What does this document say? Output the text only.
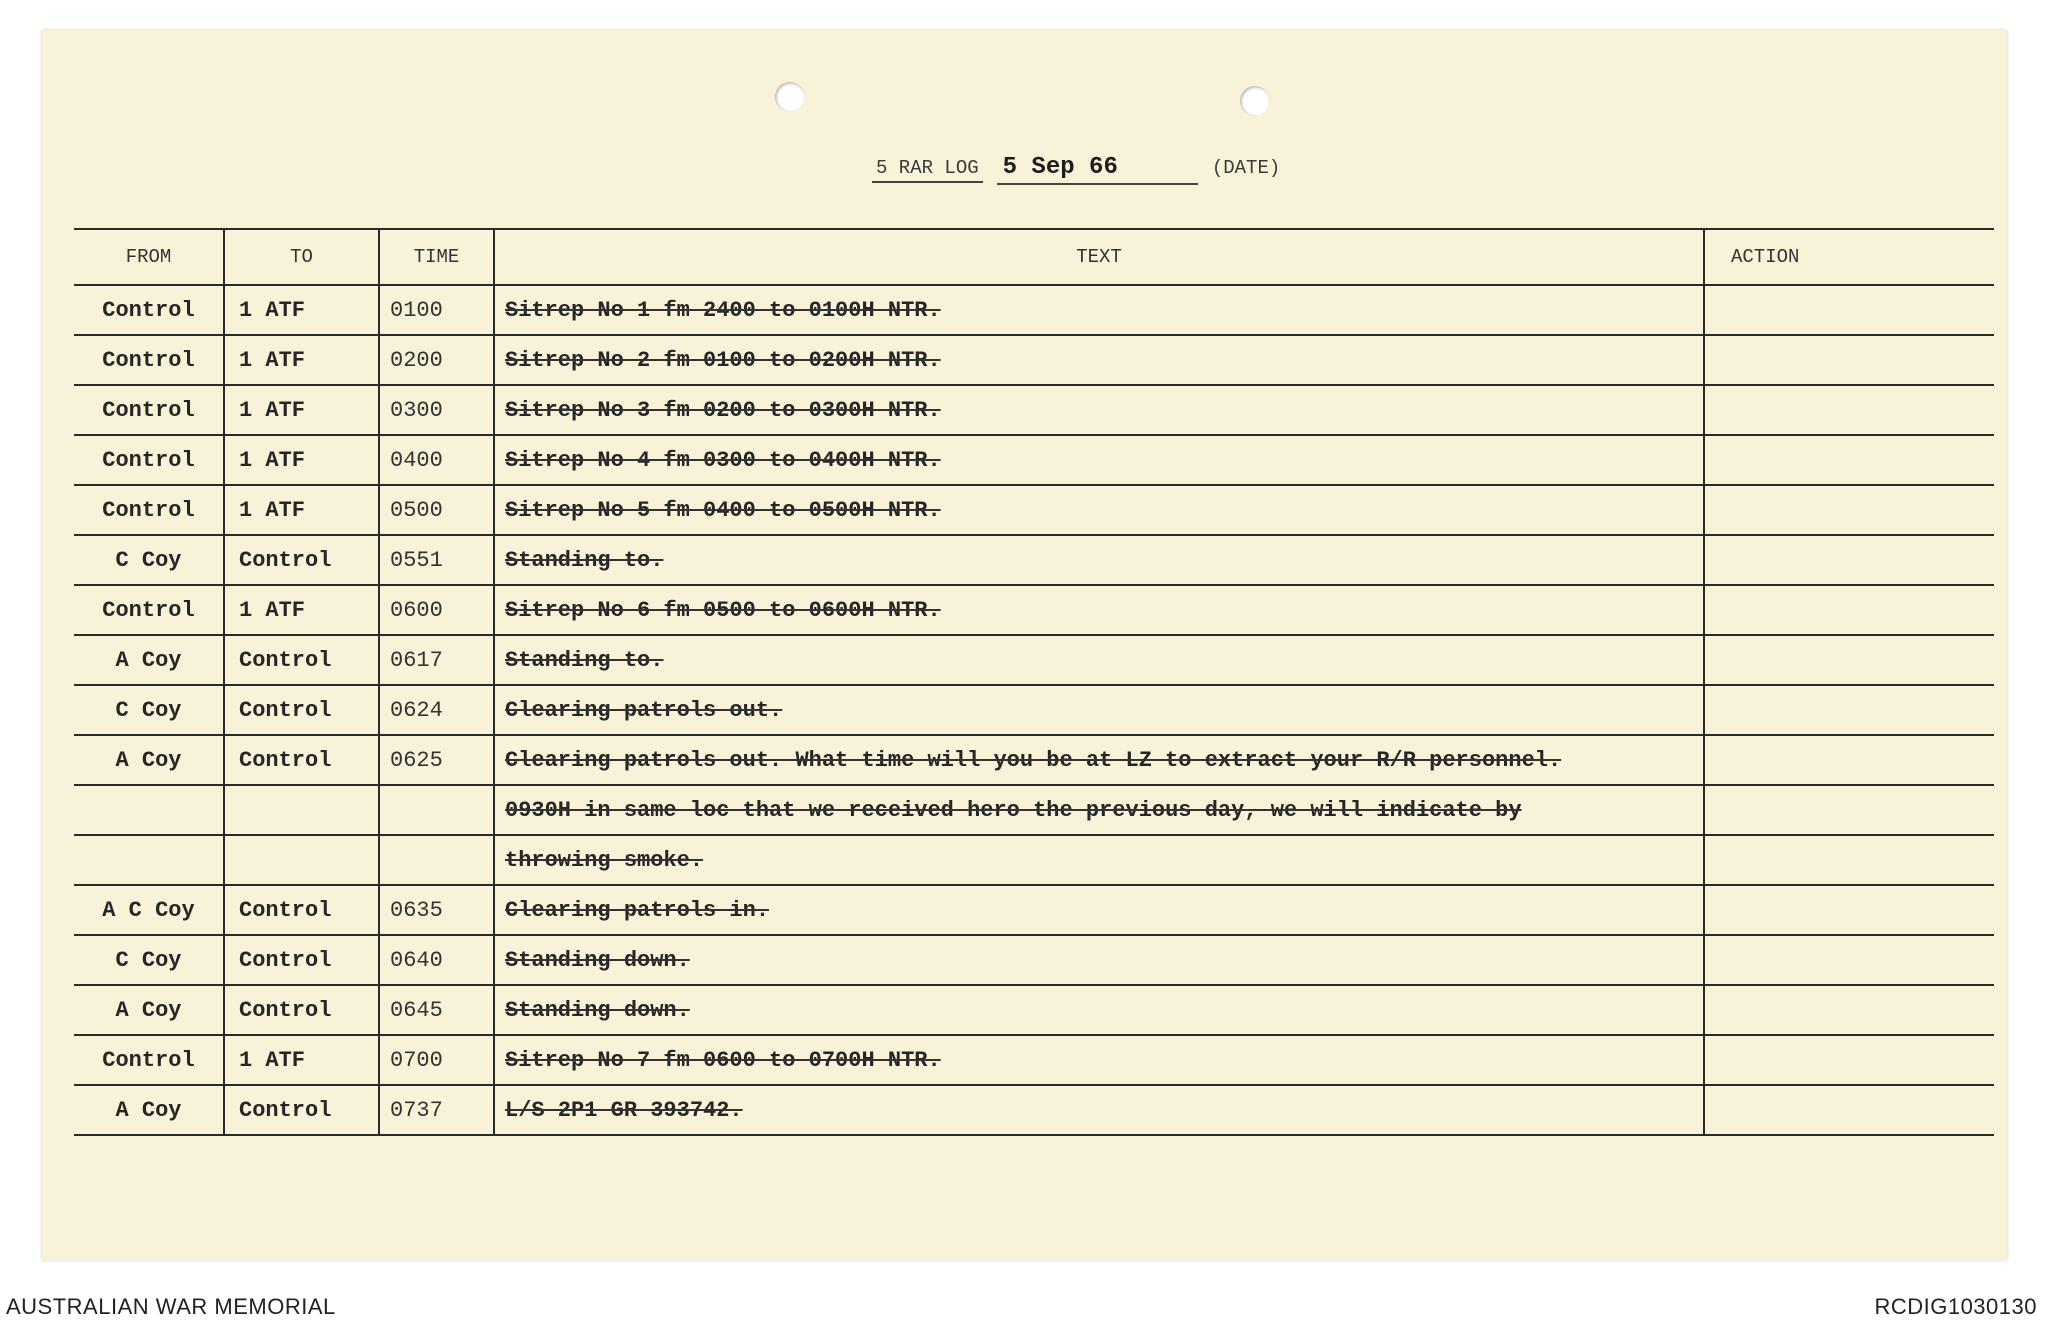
5 RAR LOG 5 Sep 66	(DATE)
FROM	TO	TIME	TEXT	ACTION
Control	1 ATF	0100	Sitrep No 1 fm 2400 to 0100H NTR.	
Control	1 ATF	0200	Sitrep No 2 fm 0100 to 0200H NTR.	
Control	1 ATF	0300	Sitrep No 3 fm 0200 to 0300H NTR.	
Control	1 ATF	0400	Sitrep No 4 fm 0300 to 0400H NTR.	
Control	1 ATF	0500	Sitrep No 5 fm 0400 to 0500H NTR.	
C Coy	Control	0551	Standing to.	
Control	1 ATF	0600	Sitrep No 6 fm 0500 to 0600H NTR.	
A Coy	Control	0617	Standing to.	
C Coy	Control	0624	Clearing patrols out.	
A Coy	Control	0625	Clearing patrols out. What time will you be at LZ to extract your R/R personnel.	
			0930H in same loc that we received hero the previous day, we will indicate by	
			throwing smoke.	
A C Coy	Control	0635	Clearing patrols in.	
C Coy	Control	0640	Standing down.	
A Coy	Control	0645	Standing down.	
Control	1 ATF	0700	Sitrep No 7 fm 0600 to 0700H NTR.	
A Coy	Control	0737	L/S 2P1 GR 393742.	
AUSTRALIAN WAR MEMORIAL	RCDIG1030130
